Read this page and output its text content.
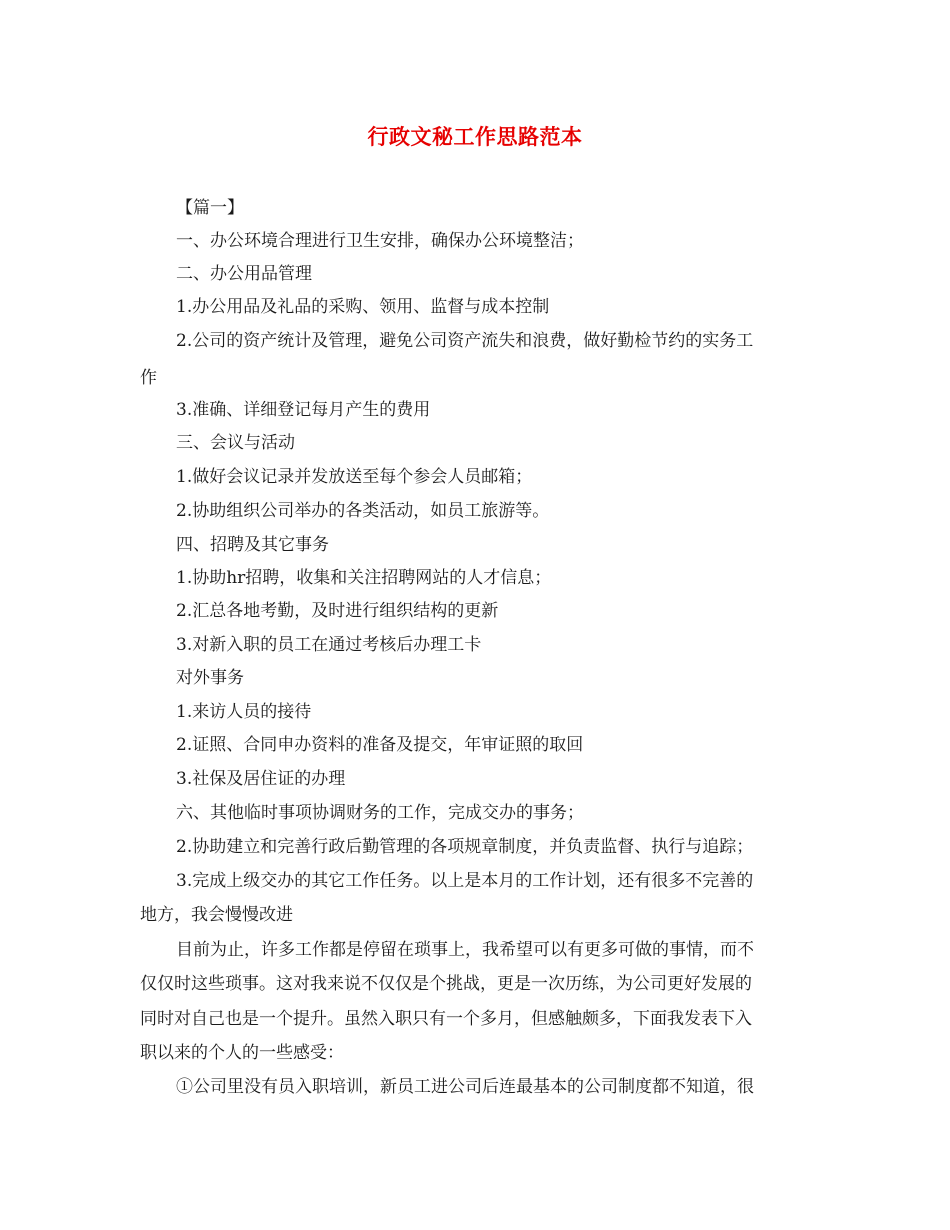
行政文秘工作思路范本
【篇一】
一、办公环境合理进行卫生安排，确保办公环境整洁；
二、办公用品管理
1.办公用品及礼品的采购、领用、监督与成本控制
2.公司的资产统计及管理，避免公司资产流失和浪费，做好勤检节约的实务工
作
3.准确、详细登记每月产生的费用
三、会议与活动
1.做好会议记录并发放送至每个参会人员邮箱；
2.协助组织公司举办的各类活动，如员工旅游等。
四、招聘及其它事务
1.协助hr招聘，收集和关注招聘网站的人才信息；
2.汇总各地考勤，及时进行组织结构的更新
3.对新入职的员工在通过考核后办理工卡
对外事务
1.来访人员的接待
2.证照、合同申办资料的准备及提交，年审证照的取回
3.社保及居住证的办理
六、其他临时事项协调财务的工作，完成交办的事务；
2.协助建立和完善行政后勤管理的各项规章制度，并负责监督、执行与追踪；
3.完成上级交办的其它工作任务。以上是本月的工作计划，还有很多不完善的
地方，我会慢慢改进
目前为止，许多工作都是停留在琐事上，我希望可以有更多可做的事情，而不
仅仅时这些琐事。这对我来说不仅仅是个挑战，更是一次历练，为公司更好发展的
同时对自己也是一个提升。虽然入职只有一个多月，但感触颇多，下面我发表下入
职以来的个人的一些感受：
①公司里没有员入职培训，新员工进公司后连最基本的公司制度都不知道，很
